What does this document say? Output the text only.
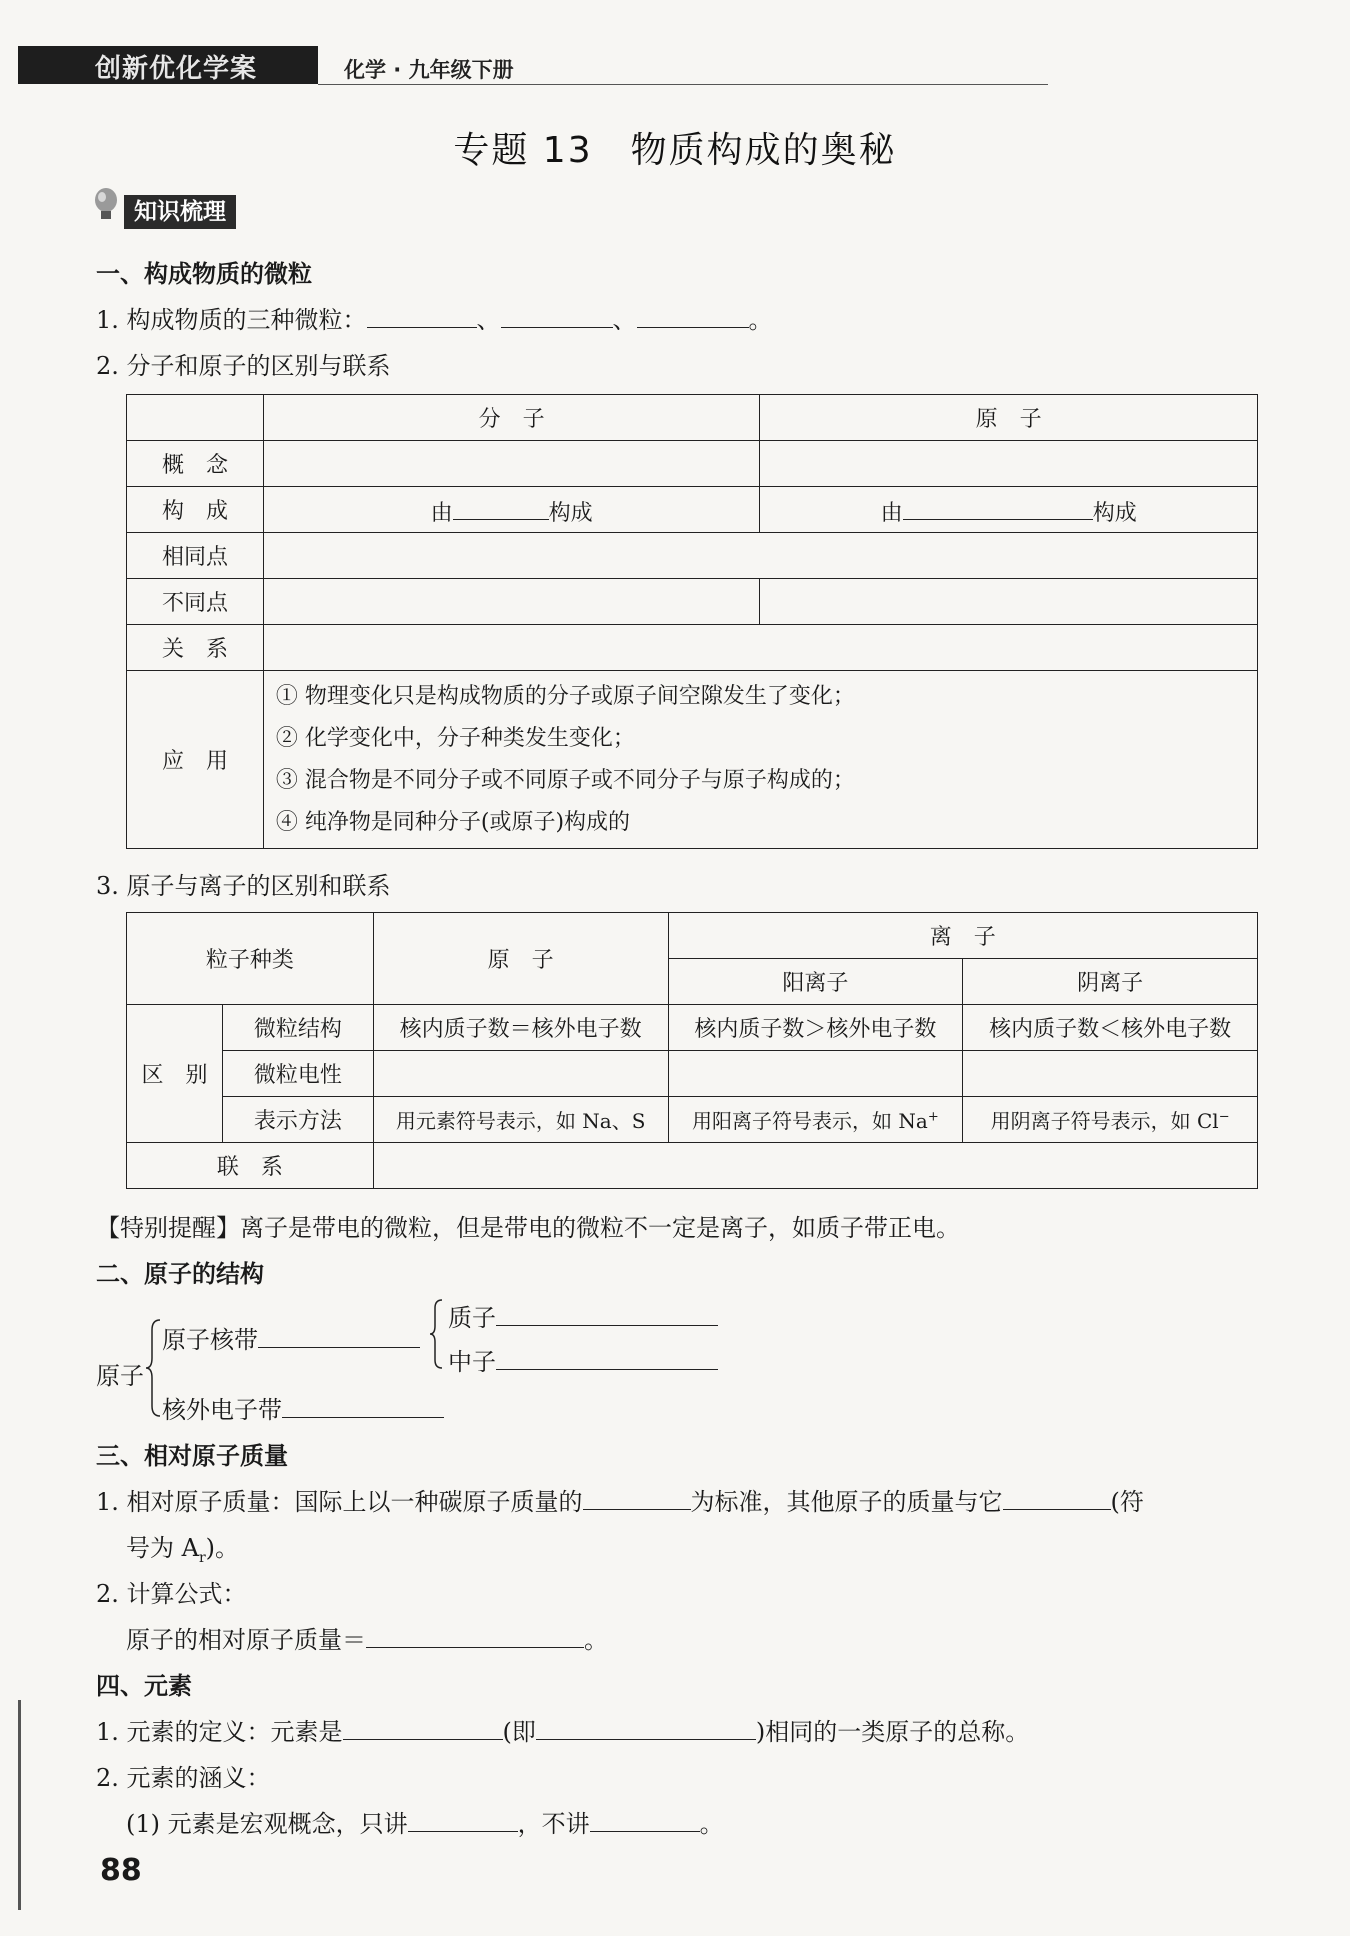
创新优化学案	化学 · 九年级下册
专题 13　物质构成的奥秘
知识梳理
一、构成物质的微粒
1. 构成物质的三种微粒：	、	、	。
2. 分子和原子的区别与联系
	分　子	原　子
概　念		
构　成	由 构成	由 构成
相同点		
不同点		
关　系		
应　用	① 物理变化只是构成物质的分子或原子间空隙发生了变化；
② 化学变化中，分子种类发生变化；
③ 混合物是不同分子或不同原子或不同分子与原子构成的；
④ 纯净物是同种分子(或原子)构成的	
3. 原子与离子的区别和联系
粒子种类		原　子	离　子	
			阳离子	阴离子
区　别	微粒结构	核内质子数＝核外电子数	核内质子数＞核外电子数	核内质子数＜核外电子数
	微粒电性			
	表示方法	用元素符号表示，如 Na、S	用阳离子符号表示，如 Na+	用阴离子符号表示，如 Cl−
联　系				
【特别提醒】离子是带电的微粒，但是带电的微粒不一定是离子，如质子带正电。
二、原子的结构
原子
原子核带
质子
中子
核外电子带
三、相对原子质量
1. 相对原子质量：国际上以一种碳原子质量的	为标准，其他原子的质量与它	(符
号为 $A_r$)。
2. 计算公式：
原子的相对原子质量＝	。
四、元素
1. 元素的定义：元素是	(即	)相同的一类原子的总称。
2. 元素的涵义：
(1) 元素是宏观概念，只讲	，不讲	。
88
